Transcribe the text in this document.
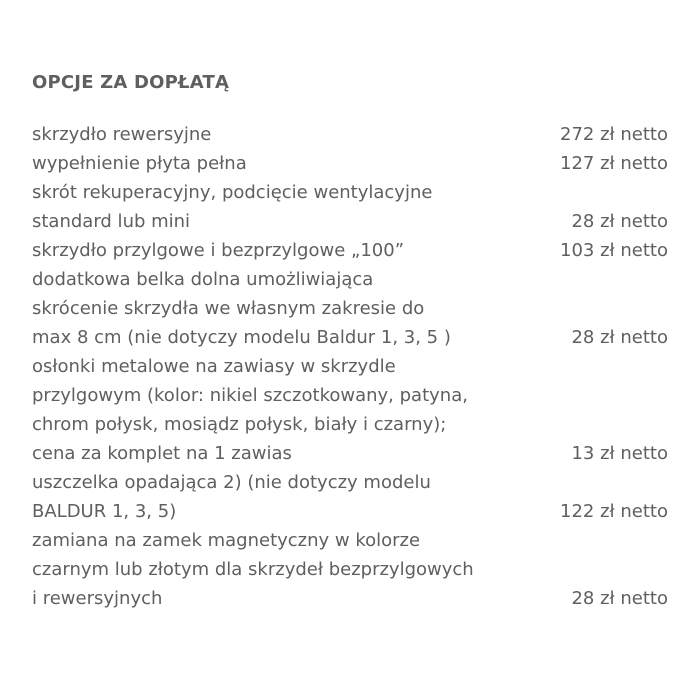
OPCJE ZA DOPŁATĄ
skrzydło rewersyjne	272 zł netto
wypełnienie płyta pełna	127 zł netto
skrót rekuperacyjny, podcięcie wentylacyjne
standard lub mini	28 zł netto
skrzydło przylgowe i bezprzylgowe „100”	103 zł netto
dodatkowa belka dolna umożliwiająca
skrócenie skrzydła we własnym zakresie do
max 8 cm (nie dotyczy modelu Baldur 1, 3, 5 )	28 zł netto
osłonki metalowe na zawiasy w skrzydle
przylgowym (kolor: nikiel szczotkowany, patyna,
chrom połysk, mosiądz połysk, biały i czarny);
cena za komplet na 1 zawias	13 zł netto
uszczelka opadająca 2) (nie dotyczy modelu
BALDUR 1, 3, 5)	122 zł netto
zamiana na zamek magnetyczny w kolorze
czarnym lub złotym dla skrzydeł bezprzylgowych
i rewersyjnych	28 zł netto
